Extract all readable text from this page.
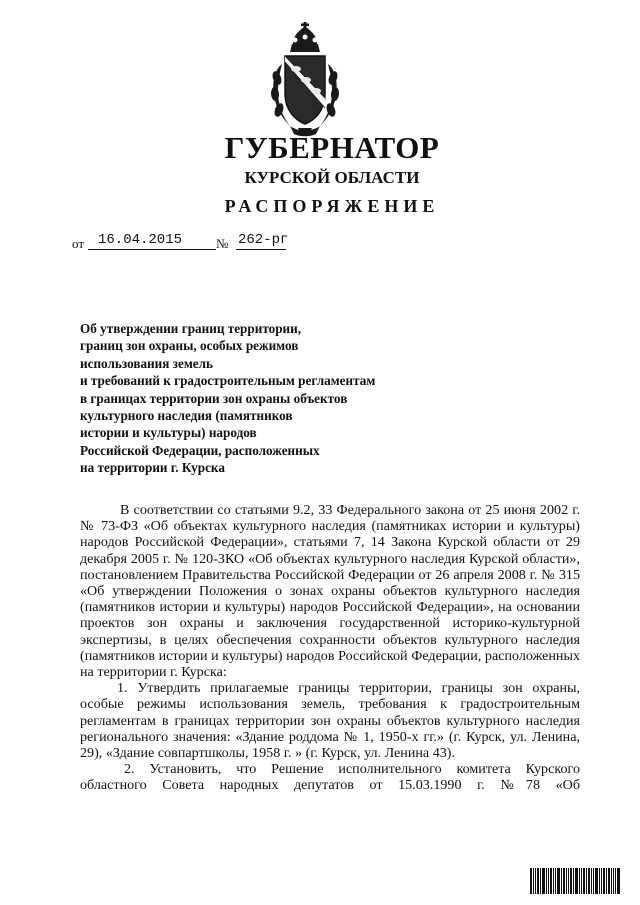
ГУБЕРНАТОР
КУРСКОЙ ОБЛАСТИ
РАСПОРЯЖЕНИЕ
от 16.04.2015	№ 262-рг
Об утверждении границ территории,
границ зон охраны, особых режимов
использования земель
и требований к градостроительным регламентам
в границах территории зон охраны объектов
культурного наследия (памятников
истории и культуры) народов
Российской Федерации, расположенных
на территории г. Курска

В соответствии со статьями 9.2, 33 Федерального закона от 25 июня 2002 г. № 73-ФЗ «Об объектах культурного наследия (памятниках истории и культуры) народов Российской Федерации», статьями 7, 14 Закона Курской области от 29 декабря 2005 г. № 120-ЗКО «Об объектах культурного наследия Курской области», постановлением Правительства Российской Федерации от 26 апреля 2008 г. № 315 «Об утверждении Положения о зонах охраны объектов культурного наследия (памятников истории и культуры) народов Российской Федерации», на основании проектов зон охраны и заключения государственной историко-культурной экспертизы, в целях обеспечения сохранности объектов культурного наследия (памятников истории и культуры) народов Российской Федерации, расположенных на территории г. Курска:

1. Утвердить прилагаемые границы территории, границы зон охраны, особые режимы использования земель, требования к градостроительным регламентам в границах территории зон охраны объектов культурного наследия регионального значения: «Здание роддома № 1, 1950-х гг.» (г. Курск, ул. Ленина, 29), «Здание совпартшколы, 1958 г. » (г. Курск, ул. Ленина 43).

2. Установить, что Решение исполнительного комитета Курского областного Совета народных депутатов от 15.03.1990 г. №78 «Об
